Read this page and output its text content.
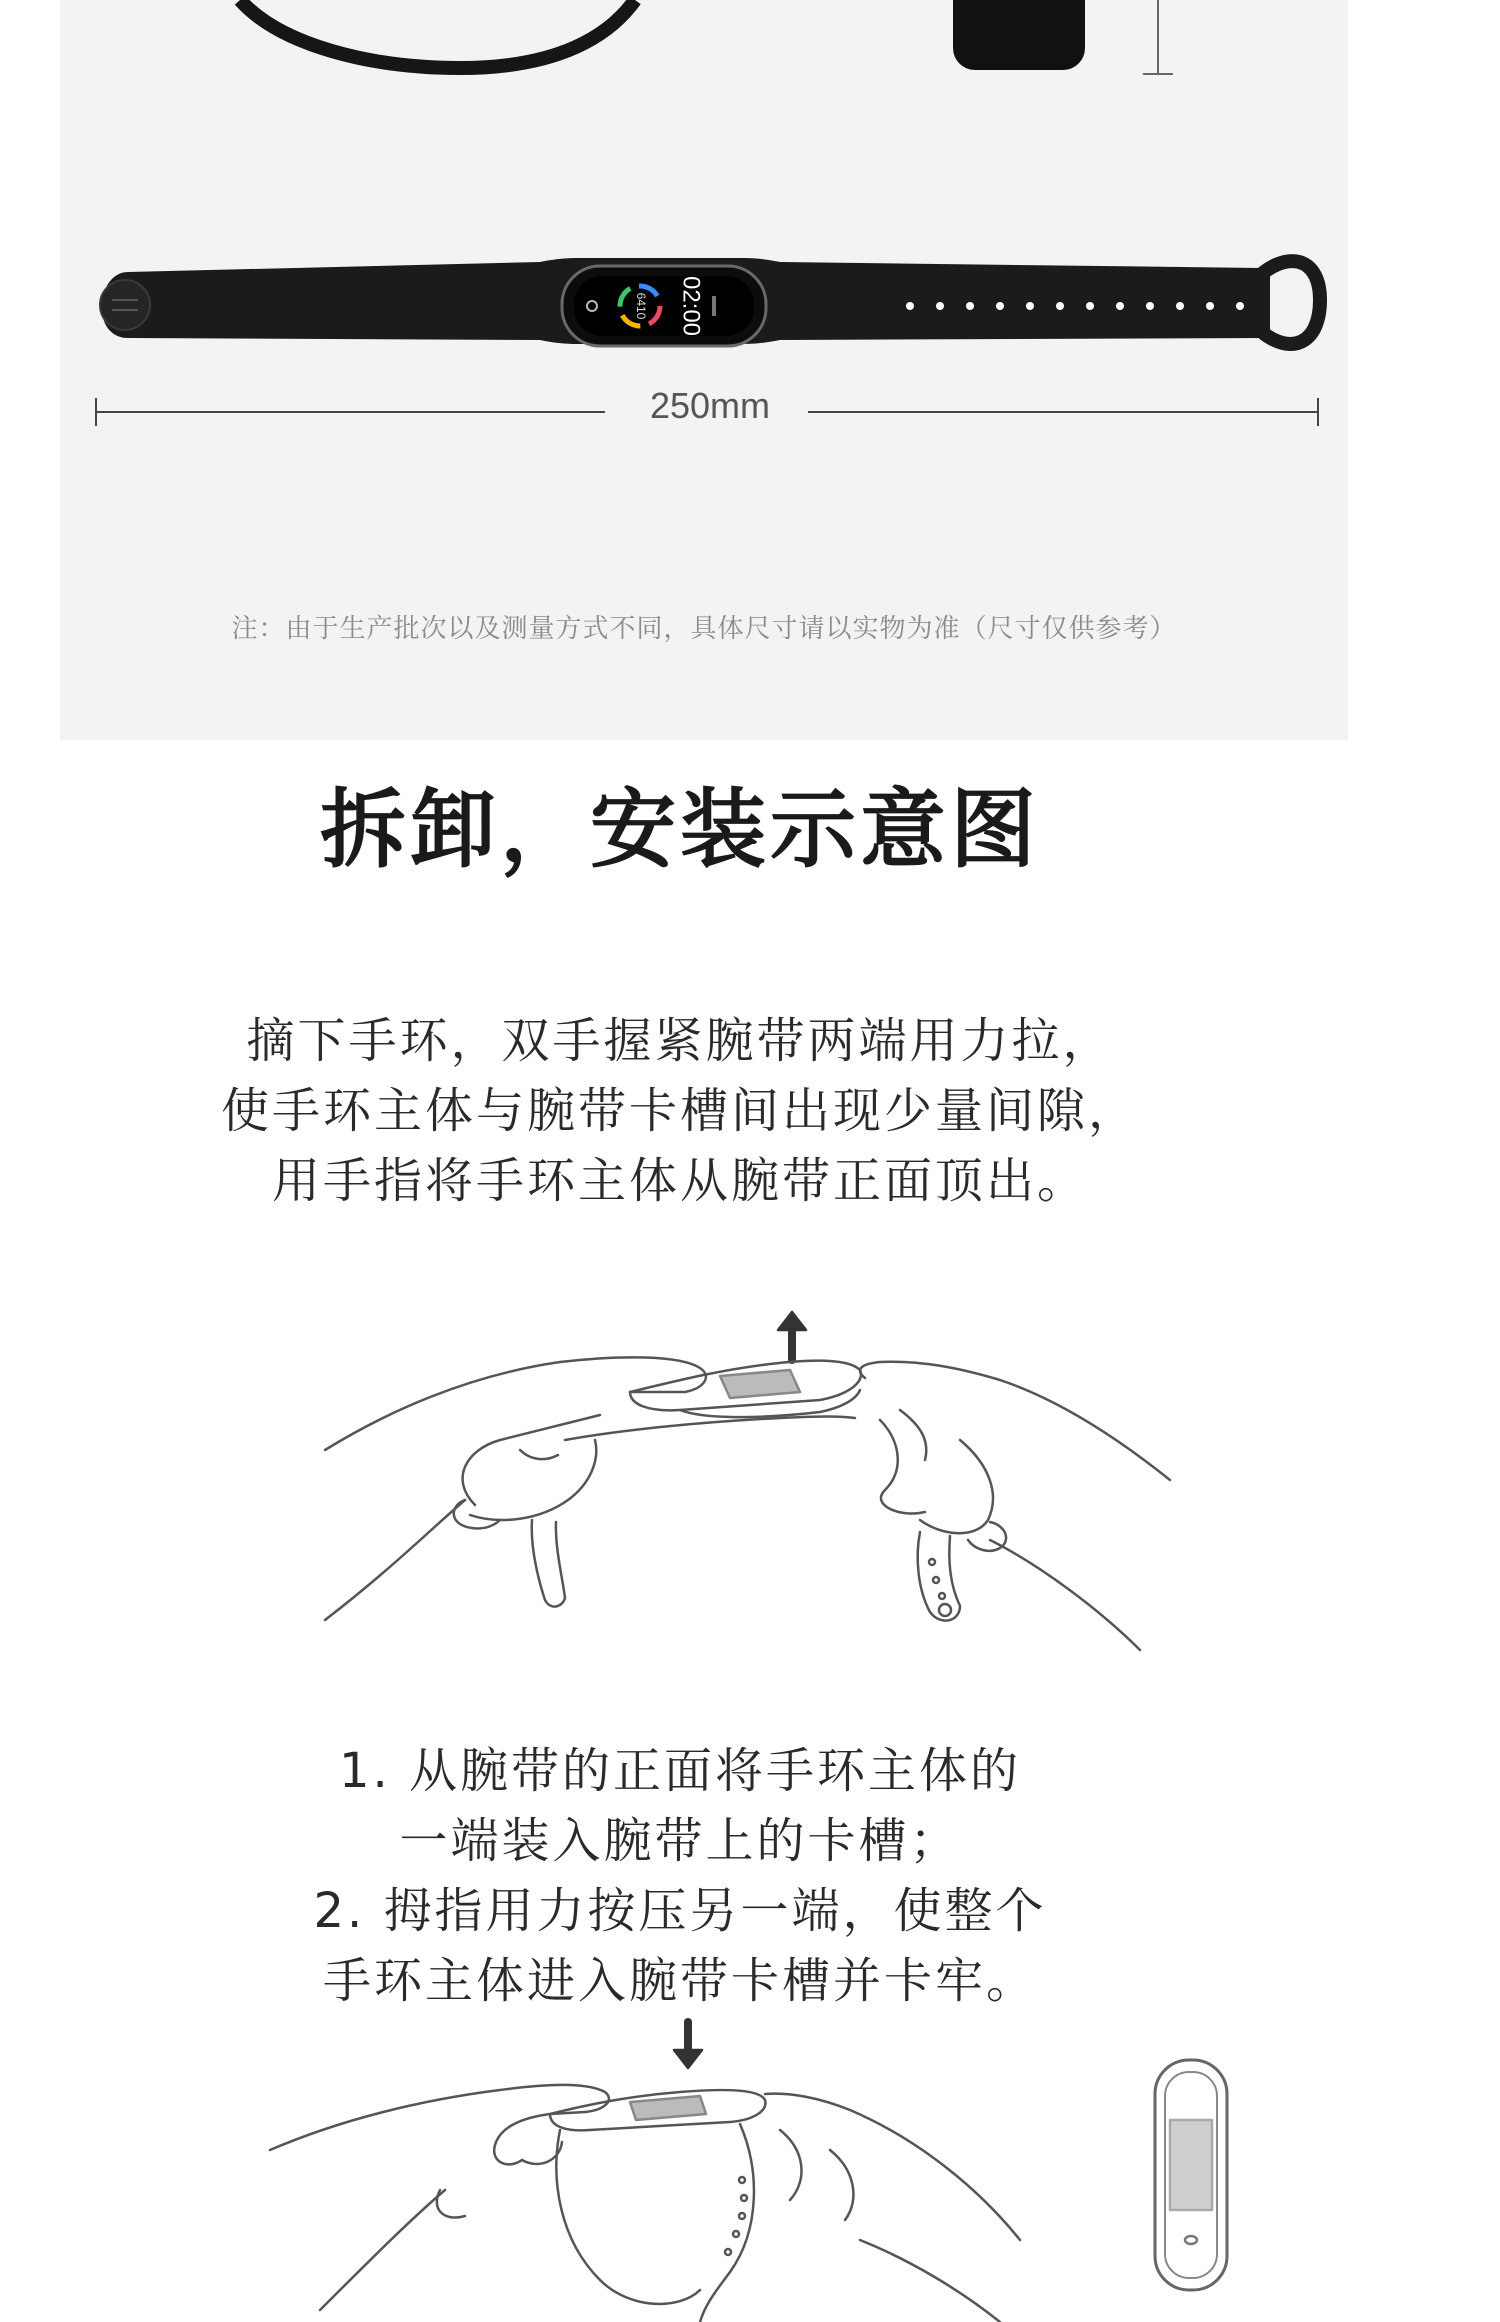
6410 02:00
250mm
注：由于生产批次以及测量方式不同，具体尺寸请以实物为准（尺寸仅供参考）
拆卸，安装示意图
摘下手环，双手握紧腕带两端用力拉，
使手环主体与腕带卡槽间出现少量间隙，
用手指将手环主体从腕带正面顶出。
1. 从腕带的正面将手环主体的
一端装入腕带上的卡槽；
2. 拇指用力按压另一端，使整个
手环主体进入腕带卡槽并卡牢。
